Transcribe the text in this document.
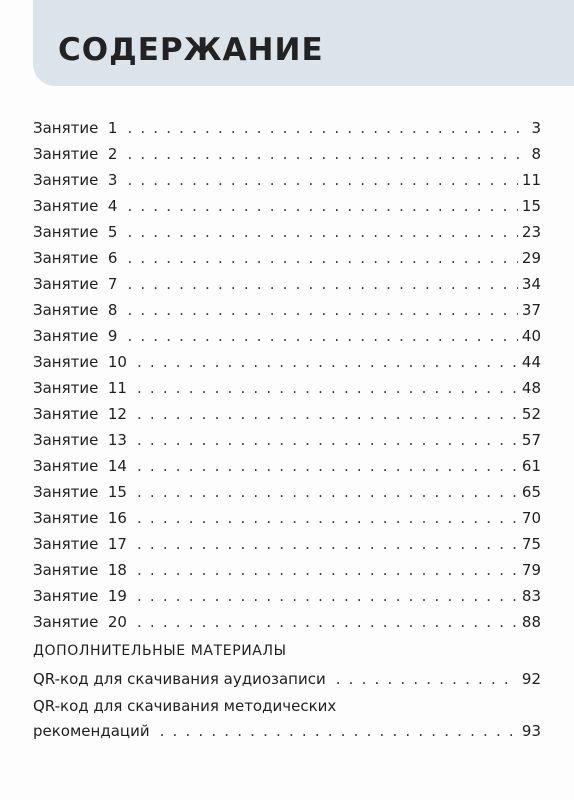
СОДЕРЖАНИЕ
Занятие  1 . . .	3
Занятие  2 . . .	8
Занятие  3 . . .	11
Занятие  4 . . .	15
Занятие  5 . . .	23
Занятие  6 . . .	29
Занятие  7 . . .	34
Занятие  8 . . .	37
Занятие  9 . . .	40
Занятие  10 . . .	44
Занятие  11 . . .	48
Занятие  12 . . .	52
Занятие  13 . . .	57
Занятие  14 . . .	61
Занятие  15 . . .	65
Занятие  16 . . .	70
Занятие  17 . . .	75
Занятие  18 . . .	79
Занятие  19 . . .	83
Занятие  20 . . .	88
ДОПОЛНИТЕЛЬНЫЕ МАТЕРИАЛЫ
QR-код для скачивания аудиозаписи . . .	92
QR-код для скачивания методических
рекомендаций . . .	93
